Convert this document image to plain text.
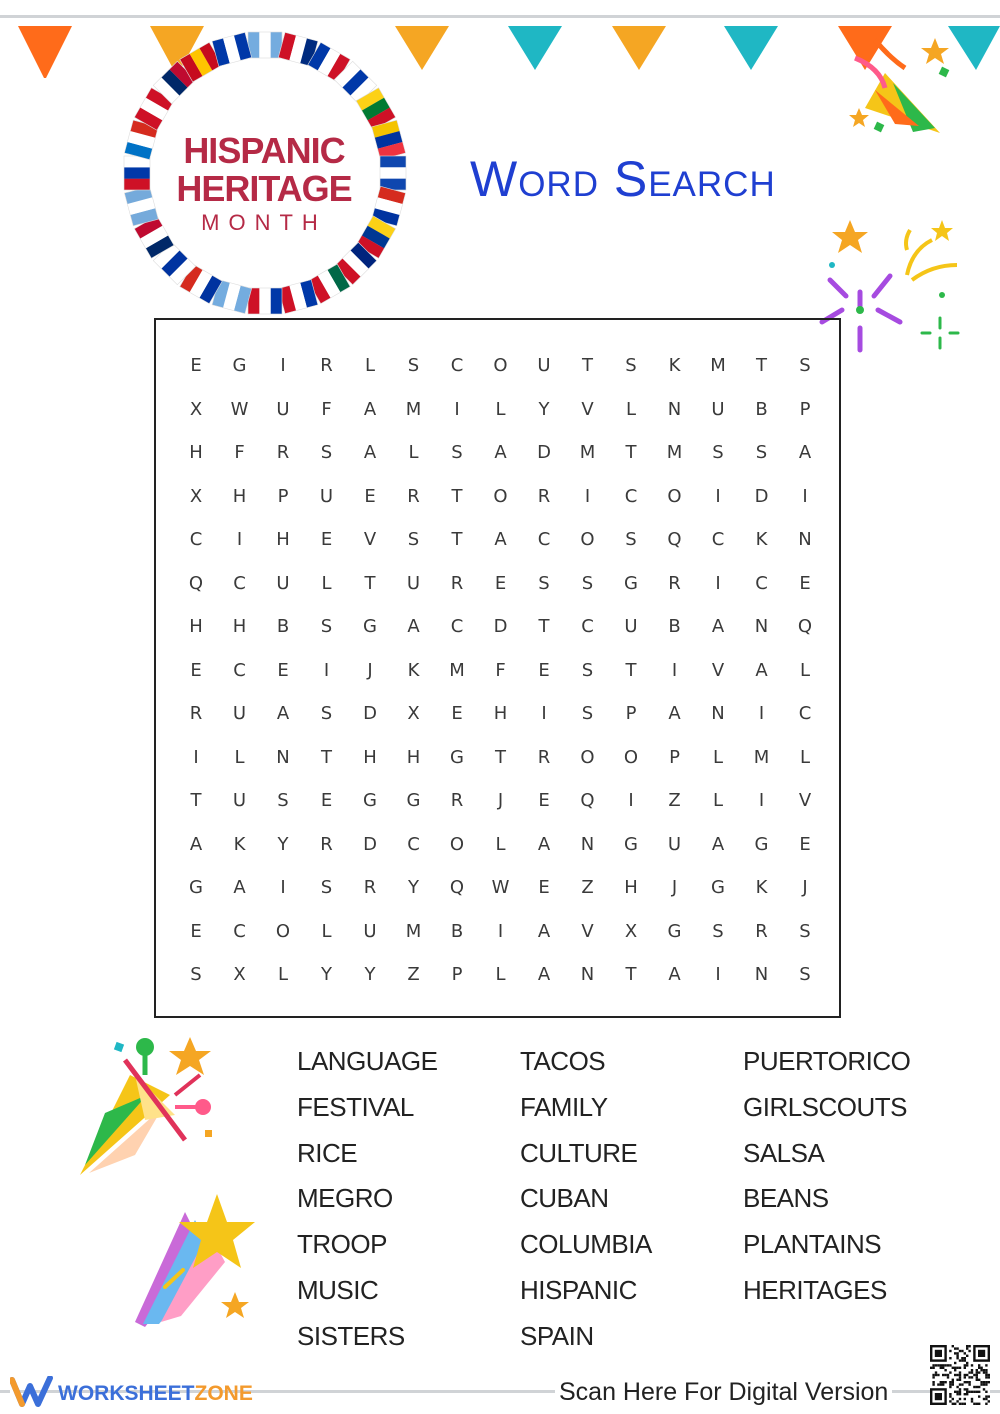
HISPANIC
HERITAGE
MONTH
Word Search
E	G	I	R	L	S	C	O	U	T	S	K	M	T	S
X	W	U	F	A	M	I	L	Y	V	L	N	U	B	P
H	F	R	S	A	L	S	A	D	M	T	M	S	S	A
X	H	P	U	E	R	T	O	R	I	C	O	I	D	I
C	I	H	E	V	S	T	A	C	O	S	Q	C	K	N
Q	C	U	L	T	U	R	E	S	S	G	R	I	C	E
H	H	B	S	G	A	C	D	T	C	U	B	A	N	Q
E	C	E	I	J	K	M	F	E	S	T	I	V	A	L
R	U	A	S	D	X	E	H	I	S	P	A	N	I	C
I	L	N	T	H	H	G	T	R	O	O	P	L	M	L
T	U	S	E	G	G	R	J	E	Q	I	Z	L	I	V
A	K	Y	R	D	C	O	L	A	N	G	U	A	G	E
G	A	I	S	R	Y	Q	W	E	Z	H	J	G	K	J
E	C	O	L	U	M	B	I	A	V	X	G	S	R	S
S	X	L	Y	Y	Z	P	L	A	N	T	A	I	N	S
LANGUAGE
FESTIVAL
RICE
MEGRO
TROOP
MUSIC
SISTERS
TACOS
FAMILY
CULTURE
CUBAN
COLUMBIA
HISPANIC
SPAIN
PUERTORICO
GIRLSCOUTS
SALSA
BEANS
PLANTAINS
HERITAGES
WORKSHEETZONE	Scan Here For Digital Version
